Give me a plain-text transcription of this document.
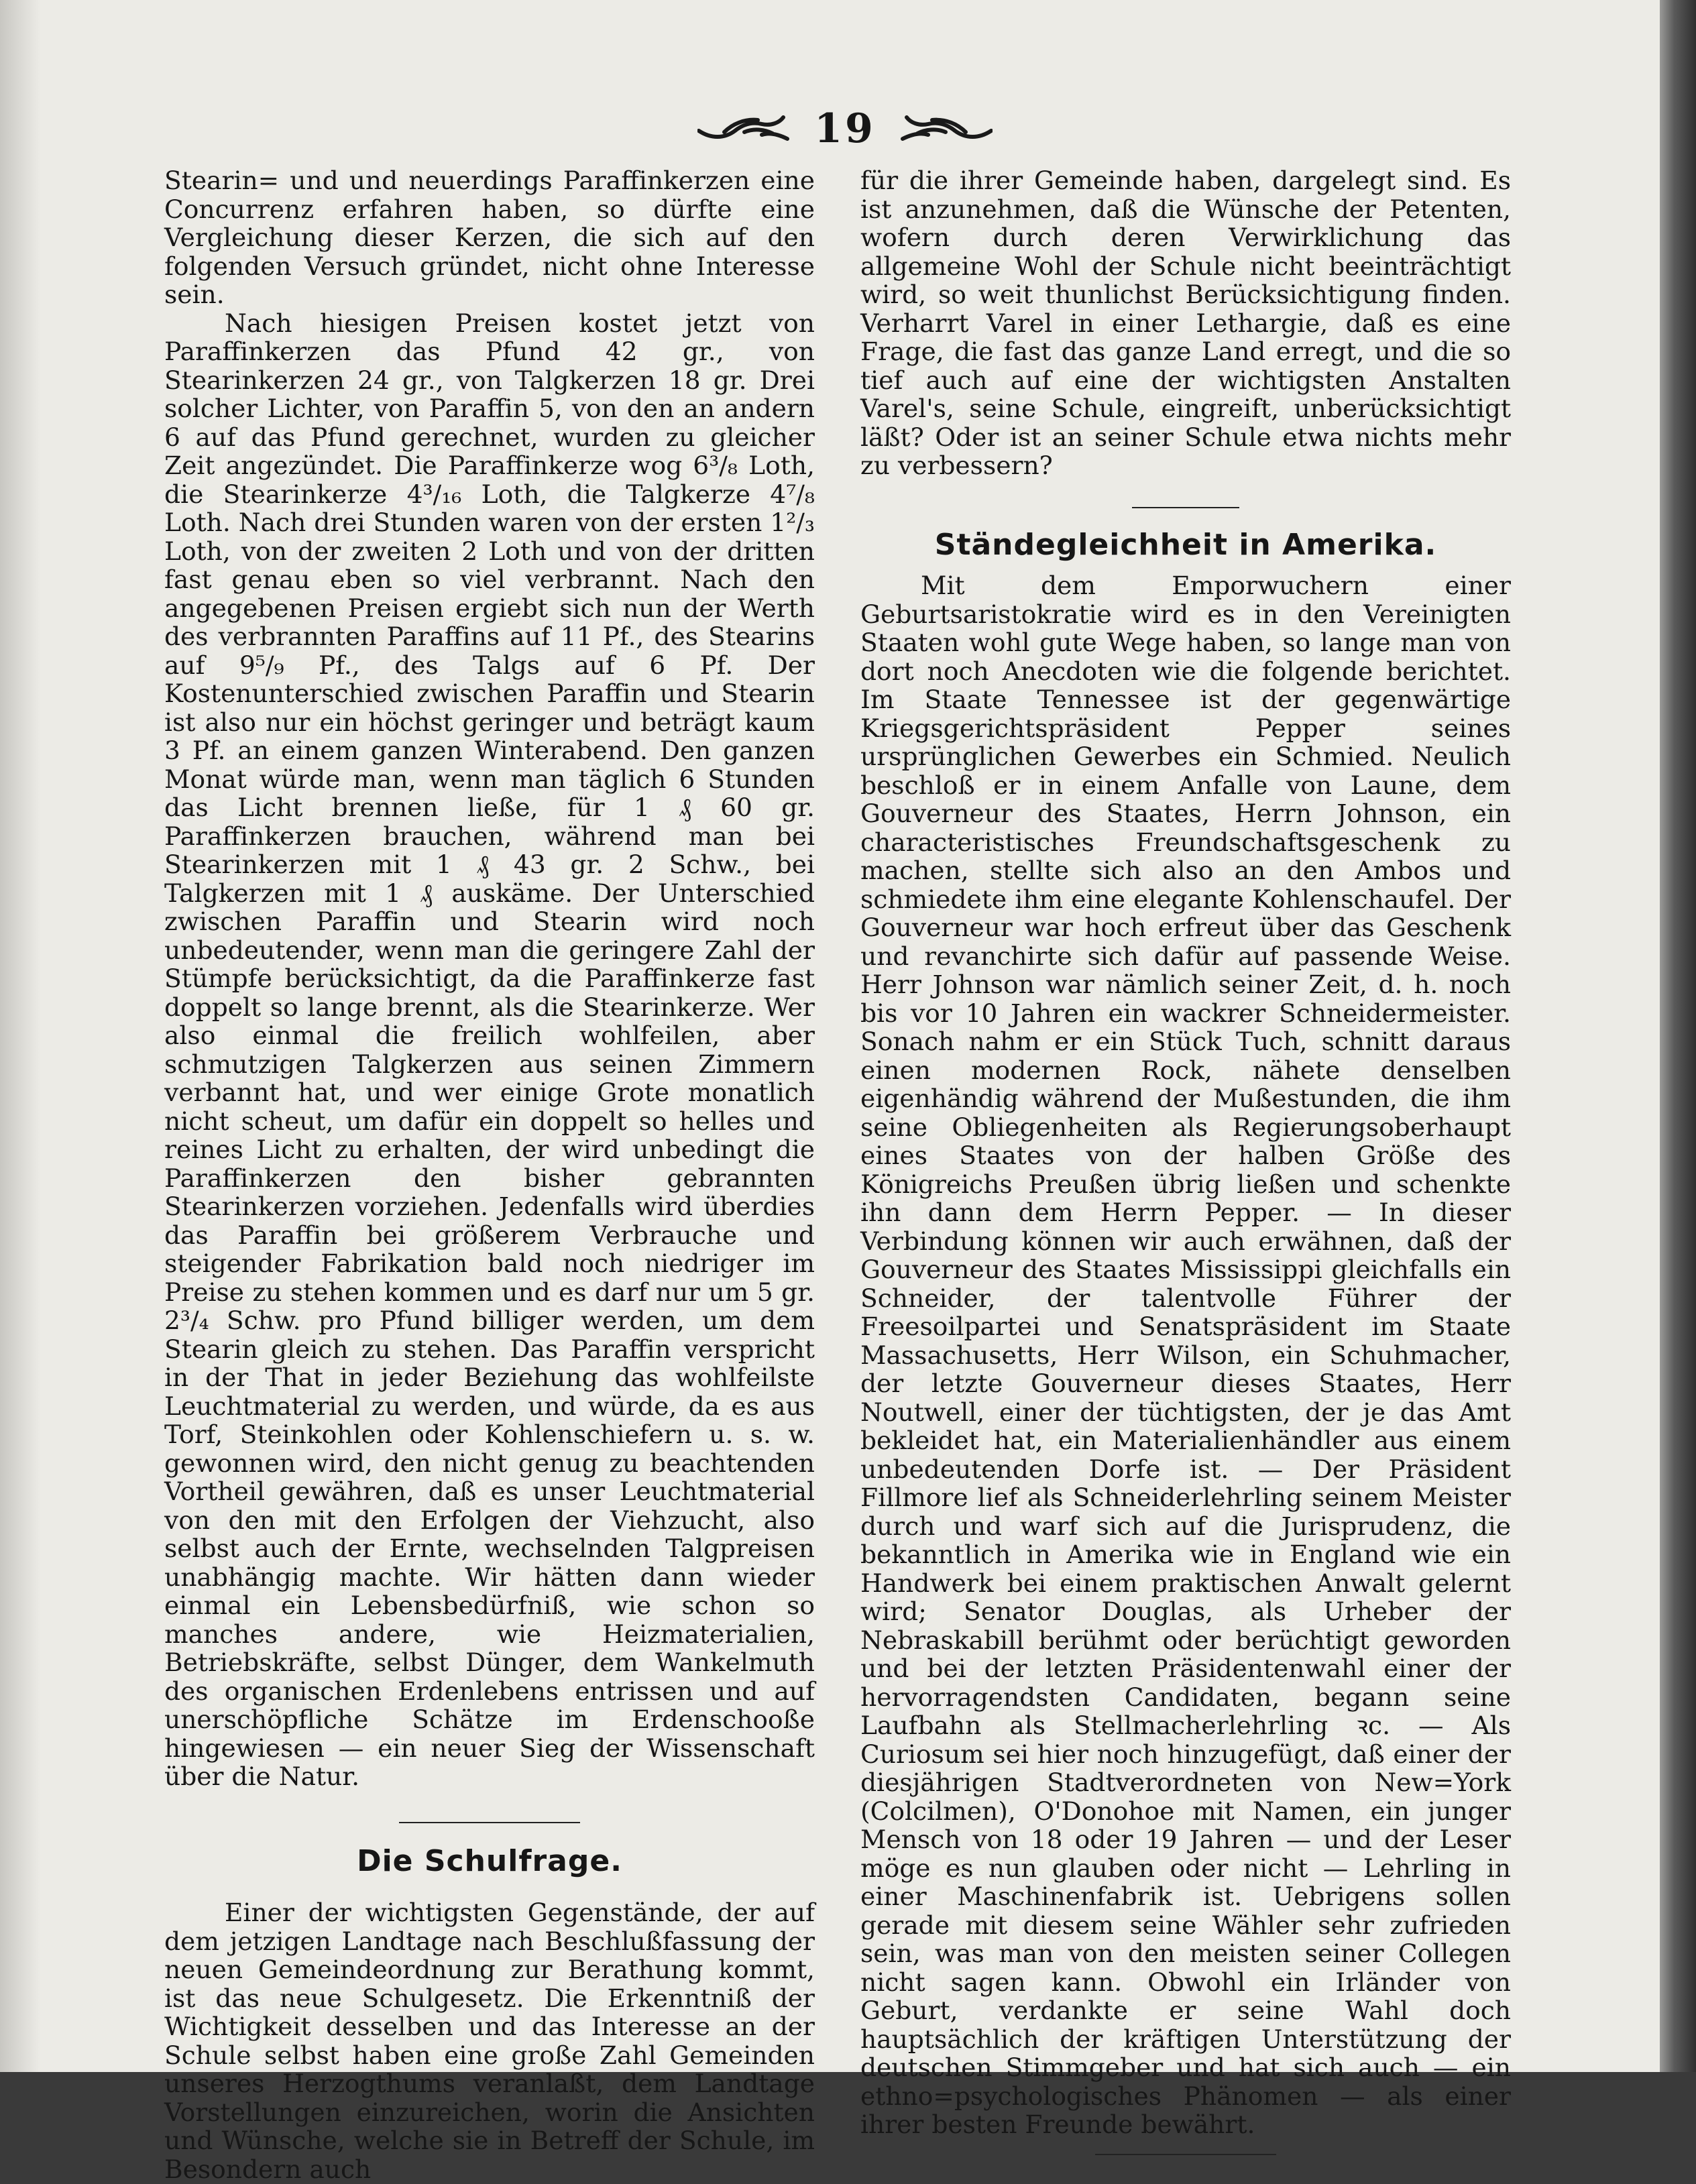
19

Stearin= und und neuerdings Paraffinkerzen eine Concurrenz erfahren haben, so dürfte eine Vergleichung dieser Kerzen, die sich auf den folgenden Versuch gründet, nicht ohne Interesse sein.

Nach hiesigen Preisen kostet jetzt von Paraffinkerzen das Pfund 42 gr., von Stearinkerzen 24 gr., von Talgkerzen 18 gr. Drei solcher Lichter, von Paraffin 5, von den an andern 6 auf das Pfund gerechnet, wurden zu gleicher Zeit angezündet. Die Paraffinkerze wog 6³/₈ Loth, die Stearinkerze 4³/₁₆ Loth, die Talgkerze 4⁷/₈ Loth. Nach drei Stunden waren von der ersten 1²/₃ Loth, von der zweiten 2 Loth und von der dritten fast genau eben so viel verbrannt. Nach den angegebenen Preisen ergiebt sich nun der Werth des verbrannten Paraffins auf 11 Pf., des Stearins auf 9⁵/₉ Pf., des Talgs auf 6 Pf. Der Kostenunterschied zwischen Paraffin und Stearin ist also nur ein höchst geringer und beträgt kaum 3 Pf. an einem ganzen Winterabend. Den ganzen Monat würde man, wenn man täglich 6 Stunden das Licht brennen ließe, für 1 ₰ 60 gr. Paraffinkerzen brauchen, während man bei Stearinkerzen mit 1 ₰ 43 gr. 2 Schw., bei Talgkerzen mit 1 ₰ auskäme. Der Unterschied zwischen Paraffin und Stearin wird noch unbedeutender, wenn man die geringere Zahl der Stümpfe berücksichtigt, da die Paraffinkerze fast doppelt so lange brennt, als die Stearinkerze. Wer also einmal die freilich wohlfeilen, aber schmutzigen Talgkerzen aus seinen Zimmern verbannt hat, und wer einige Grote monatlich nicht scheut, um dafür ein doppelt so helles und reines Licht zu erhalten, der wird unbedingt die Paraffinkerzen den bisher gebrannten Stearinkerzen vorziehen. Jedenfalls wird überdies das Paraffin bei größerem Verbrauche und steigender Fabrikation bald noch niedriger im Preise zu stehen kommen und es darf nur um 5 gr. 2³/₄ Schw. pro Pfund billiger werden, um dem Stearin gleich zu stehen. Das Paraffin verspricht in der That in jeder Beziehung das wohlfeilste Leuchtmaterial zu werden, und würde, da es aus Torf, Steinkohlen oder Kohlenschiefern u. s. w. gewonnen wird, den nicht genug zu beachtenden Vortheil gewähren, daß es unser Leuchtmaterial von den mit den Erfolgen der Viehzucht, also selbst auch der Ernte, wechselnden Talgpreisen unabhängig machte. Wir hätten dann wieder einmal ein Lebensbedürfniß, wie schon so manches andere, wie Heizmaterialien, Betriebskräfte, selbst Dünger, dem Wankelmuth des organischen Erdenlebens entrissen und auf unerschöpfliche Schätze im Erdenschooße hingewiesen — ein neuer Sieg der Wissenschaft über die Natur.

Die Schulfrage.

Einer der wichtigsten Gegenstände, der auf dem jetzigen Landtage nach Beschlußfassung der neuen Gemeindeordnung zur Berathung kommt, ist das neue Schulgesetz. Die Erkenntniß der Wichtigkeit desselben und das Interesse an der Schule selbst haben eine große Zahl Gemeinden unseres Herzogthums veranlaßt, dem Landtage Vorstellungen einzureichen, worin die Ansichten und Wünsche, welche sie in Betreff der Schule, im Besondern auch

für die ihrer Gemeinde haben, dargelegt sind. Es ist anzunehmen, daß die Wünsche der Petenten, wofern durch deren Verwirklichung das allgemeine Wohl der Schule nicht beeinträchtigt wird, so weit thunlichst Berücksichtigung finden. Verharrt Varel in einer Lethargie, daß es eine Frage, die fast das ganze Land erregt, und die so tief auch auf eine der wichtigsten Anstalten Varel's, seine Schule, eingreift, unberücksichtigt läßt? Oder ist an seiner Schule etwa nichts mehr zu verbessern?

Ständegleichheit in Amerika.

Mit dem Emporwuchern einer Geburtsaristokratie wird es in den Vereinigten Staaten wohl gute Wege haben, so lange man von dort noch Anecdoten wie die folgende berichtet. Im Staate Tennessee ist der gegenwärtige Kriegsgerichtspräsident Pepper seines ursprünglichen Gewerbes ein Schmied. Neulich beschloß er in einem Anfalle von Laune, dem Gouverneur des Staates, Herrn Johnson, ein characteristisches Freundschaftsgeschenk zu machen, stellte sich also an den Ambos und schmiedete ihm eine elegante Kohlenschaufel. Der Gouverneur war hoch erfreut über das Geschenk und revanchirte sich dafür auf passende Weise. Herr Johnson war nämlich seiner Zeit, d. h. noch bis vor 10 Jahren ein wackrer Schneidermeister. Sonach nahm er ein Stück Tuch, schnitt daraus einen modernen Rock, nähete denselben eigenhändig während der Mußestunden, die ihm seine Obliegenheiten als Regierungsoberhaupt eines Staates von der halben Größe des Königreichs Preußen übrig ließen und schenkte ihn dann dem Herrn Pepper. — In dieser Verbindung können wir auch erwähnen, daß der Gouverneur des Staates Mississippi gleichfalls ein Schneider, der talentvolle Führer der Freesoilpartei und Senatspräsident im Staate Massachusetts, Herr Wilson, ein Schuhmacher, der letzte Gouverneur dieses Staates, Herr Noutwell, einer der tüchtigsten, der je das Amt bekleidet hat, ein Materialienhändler aus einem unbedeutenden Dorfe ist. — Der Präsident Fillmore lief als Schneiderlehrling seinem Meister durch und warf sich auf die Jurisprudenz, die bekanntlich in Amerika wie in England wie ein Handwerk bei einem praktischen Anwalt gelernt wird; Senator Douglas, als Urheber der Nebraskabill berühmt oder berüchtigt geworden und bei der letzten Präsidentenwahl einer der hervorragendsten Candidaten, begann seine Laufbahn als Stellmacherlehrling ꝛc. — Als Curiosum sei hier noch hinzugefügt, daß einer der diesjährigen Stadtverordneten von New=York (Colcilmen), O'Donohoe mit Namen, ein junger Mensch von 18 oder 19 Jahren — und der Leser möge es nun glauben oder nicht — Lehrling in einer Maschinenfabrik ist. Uebrigens sollen gerade mit diesem seine Wähler sehr zufrieden sein, was man von den meisten seiner Collegen nicht sagen kann. Obwohl ein Irländer von Geburt, verdankte er seine Wahl doch hauptsächlich der kräftigen Unterstützung der deutschen Stimmgeber und hat sich auch — ein ethno=psychologisches Phänomen — als einer ihrer besten Freunde bewährt.
